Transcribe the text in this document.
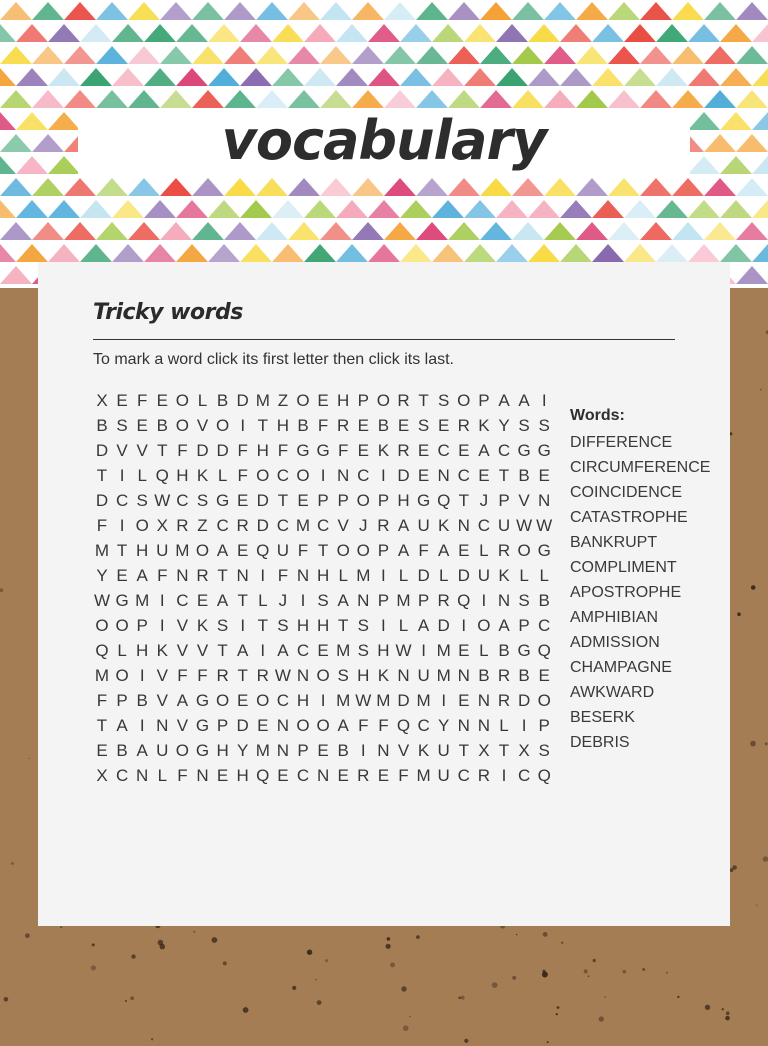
vocabulary
Tricky words

To mark a word click its first letter then click its last.

X E F E O L B D M Z O E H P O R T S O P A A I
B S E B O V O I T H B F R E B E S E R K Y S S
D V V T F D D F H F G G F E K R E C E A C G G
T I L Q H K L F O C O I N C I D E N C E T B E
D C S W C S G E D T E P P O P H G Q T J P V N
F I O X R Z C R D C M C V J R A U K N C U W W
M T H U M O A E Q U F T O O P A F A E L R O G
Y E A F N R T N I F N H L M I L D L D U K L L
W G M I C E A T L J I S A N P M P R Q I N S B
O O P I V K S I T S H H T S I L A D I O A P C
Q L H K V V T A I A C E M S H W I M E L B G Q
M O I V F F R T R W N O S H K N U M N B R B E
F P B V A G O E O C H I M W M D M I E N R D O
T A I N V G P D E N O O A F F Q C Y N N L I P
E B A U O G H Y M N P E B I N V K U T X T X S
X C N L F N E H Q E C N E R E F M U C R I C Q
Words:
DIFFERENCE
CIRCUMFERENCE
COINCIDENCE
CATASTROPHE
BANKRUPT
COMPLIMENT
APOSTROPHE
AMPHIBIAN
ADMISSION
CHAMPAGNE
AWKWARD
BESERK
DEBRIS
